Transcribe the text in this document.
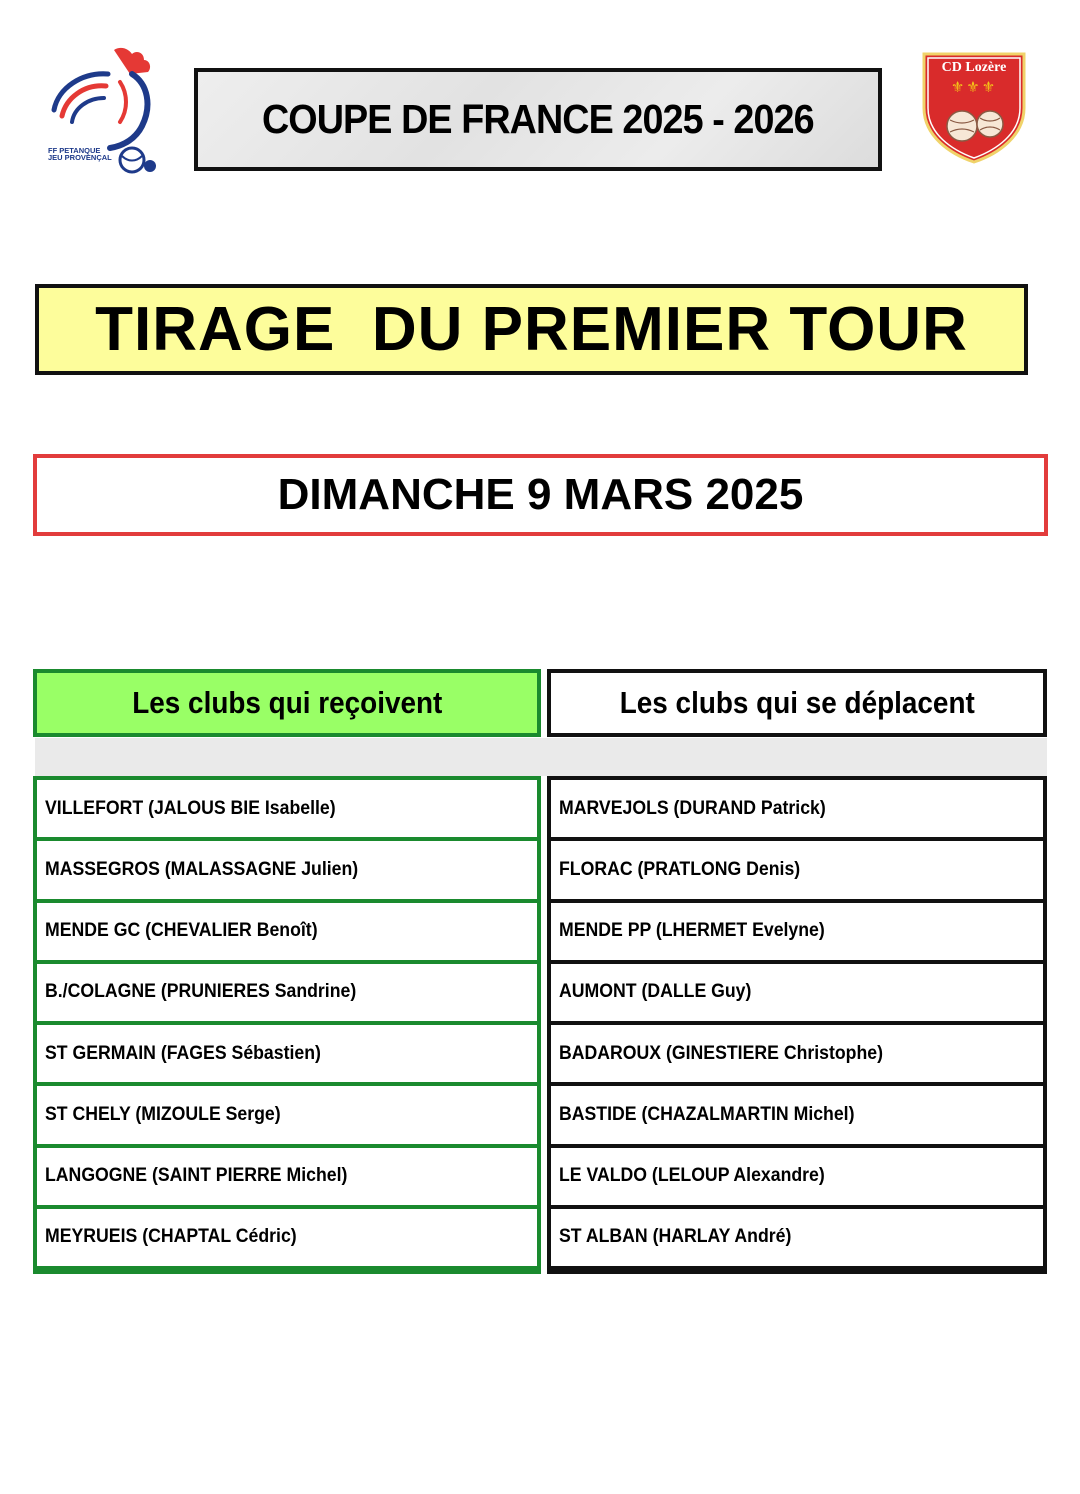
FF PETANQUE
JEU PROVENÇAL
COUPE DE FRANCE 2025 - 2026
CD Lozère
⚜⚜⚜
TIRAGE  DU PREMIER TOUR
DIMANCHE 9 MARS 2025
Les clubs qui reçoivent	Les clubs qui se déplacent
VILLEFORT (JALOUS BIE Isabelle)
MASSEGROS (MALASSAGNE Julien)
MENDE GC (CHEVALIER Benoît)
B./COLAGNE (PRUNIERES Sandrine)
ST GERMAIN (FAGES Sébastien)
ST CHELY (MIZOULE Serge)
LANGOGNE (SAINT PIERRE Michel)
MEYRUEIS (CHAPTAL Cédric)
MARVEJOLS (DURAND Patrick)
FLORAC (PRATLONG Denis)
MENDE PP (LHERMET Evelyne)
AUMONT (DALLE Guy)
BADAROUX (GINESTIERE Christophe)
BASTIDE (CHAZALMARTIN Michel)
LE VALDO (LELOUP Alexandre)
ST ALBAN (HARLAY André)
